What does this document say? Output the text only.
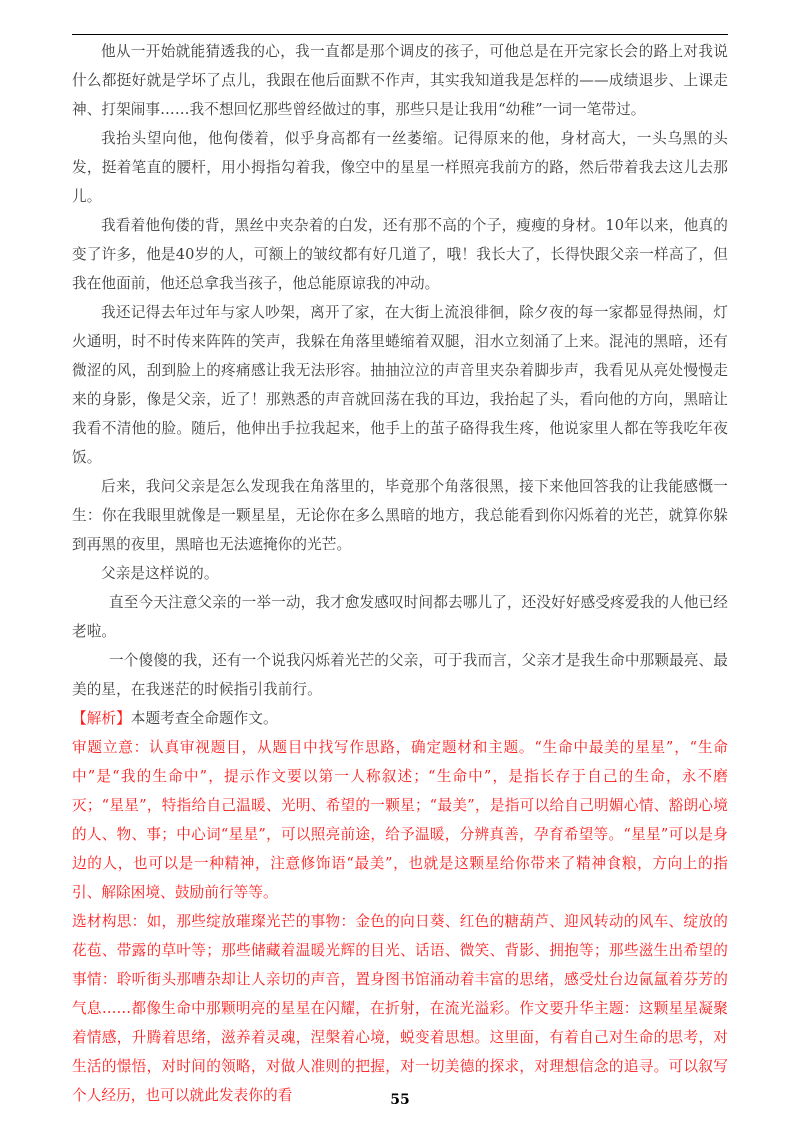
他从一开始就能猜透我的心，我一直都是那个调皮的孩子，可他总是在开完家长会的路上对我说什么都挺好就是学坏了点儿，我跟在他后面默不作声，其实我知道我是怎样的——成绩退步、上课走神、打架闹事……我不想回忆那些曾经做过的事，那些只是让我用“幼稚”一词一笔带过。

我抬头望向他，他佝偻着，似乎身高都有一丝萎缩。记得原来的他，身材高大，一头乌黑的头发，挺着笔直的腰杆，用小拇指勾着我，像空中的星星一样照亮我前方的路，然后带着我去这儿去那儿。

我看着他佝偻的背，黑丝中夹杂着的白发，还有那不高的个子，瘦瘦的身材。10年以来，他真的变了许多，他是40岁的人，可额上的皱纹都有好几道了，哦！我长大了，长得快跟父亲一样高了，但我在他面前，他还总拿我当孩子，他总能原谅我的冲动。

我还记得去年过年与家人吵架，离开了家，在大街上流浪徘徊，除夕夜的每一家都显得热闹，灯火通明，时不时传来阵阵的笑声，我躲在角落里蜷缩着双腿，泪水立刻涌了上来。混沌的黑暗，还有微涩的风，刮到脸上的疼痛感让我无法形容。抽抽泣泣的声音里夹杂着脚步声，我看见从亮处慢慢走来的身影，像是父亲，近了！那熟悉的声音就回荡在我的耳边，我抬起了头，看向他的方向，黑暗让我看不清他的脸。随后，他伸出手拉我起来，他手上的茧子硌得我生疼，他说家里人都在等我吃年夜饭。

后来，我问父亲是怎么发现我在角落里的，毕竟那个角落很黑，接下来他回答我的让我能感慨一生：你在我眼里就像是一颗星星，无论你在多么黑暗的地方，我总能看到你闪烁着的光芒，就算你躲到再黑的夜里，黑暗也无法遮掩你的光芒。

父亲是这样说的。

直至今天注意父亲的一举一动，我才愈发感叹时间都去哪儿了，还没好好感受疼爱我的人他已经老啦。

一个傻傻的我，还有一个说我闪烁着光芒的父亲，可于我而言，父亲才是我生命中那颗最亮、最美的星，在我迷茫的时候指引我前行。

【解析】本题考查全命题作文。

审题立意：认真审视题目，从题目中找写作思路，确定题材和主题。“生命中最美的星星”，“生命中”是“我的生命中”，提示作文要以第一人称叙述；“生命中”，是指长存于自己的生命，永不磨灭；“星星”，特指给自己温暖、光明、希望的一颗星；“最美”，是指可以给自己明媚心情、豁朗心境的人、物、事；中心词“星星”，可以照亮前途，给予温暖，分辨真善，孕育希望等。“星星”可以是身边的人，也可以是一种精神，注意修饰语“最美”，也就是这颗星给你带来了精神食粮，方向上的指引、解除困境、鼓励前行等等。

选材构思：如，那些绽放璀璨光芒的事物：金色的向日葵、红色的糖葫芦、迎风转动的风车、绽放的花苞、带露的草叶等；那些储藏着温暖光辉的目光、话语、微笑、背影、拥抱等；那些滋生出希望的事情：聆听街头那嘈杂却让人亲切的声音，置身图书馆涌动着丰富的思绪，感受灶台边氤氲着芬芳的气息……都像生命中那颗明亮的星星在闪耀，在折射，在流光溢彩。作文要升华主题：这颗星星凝聚着情感，升腾着思绪，滋养着灵魂，涅槃着心境，蜕变着思想。这里面，有着自己对生命的思考，对生活的憬悟，对时间的领略，对做人准则的把握，对一切美德的探求，对理想信念的追寻。可以叙写个人经历，也可以就此发表你的看	55
